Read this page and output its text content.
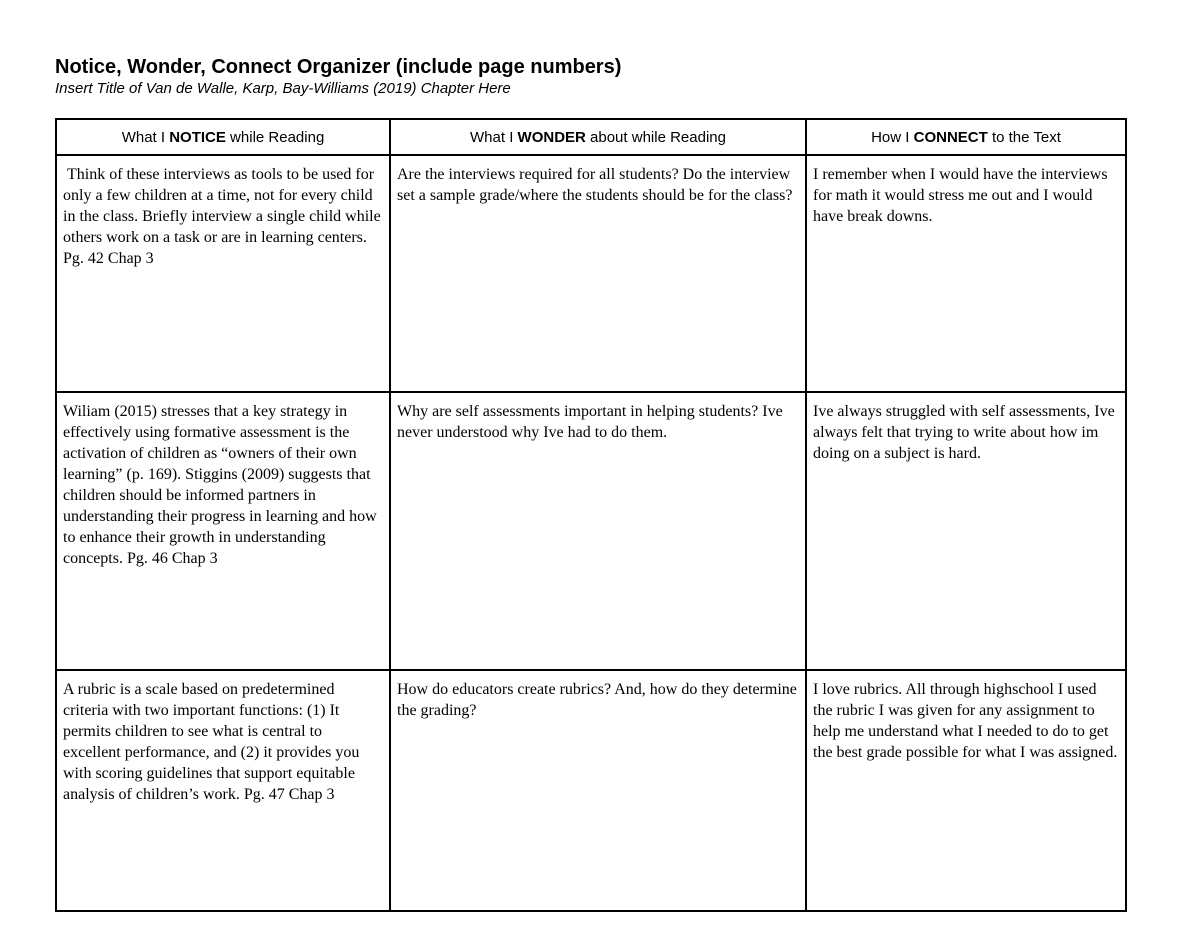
Notice, Wonder, Connect Organizer (include page numbers)

Insert Title of Van de Walle, Karp, Bay-Williams (2019) Chapter Here

What I NOTICE while Reading	What I WONDER about while Reading	How I CONNECT to the Text
Think of these interviews as tools to be used for only a few children at a time, not for every child in the class. Briefly interview a single child while others work on a task or are in learning centers. Pg. 42 Chap 3	Are the interviews required for all students? Do the interview set a sample grade/where the students should be for the class?	I remember when I would have the interviews for math it would stress me out and I would have break downs.
Wiliam (2015) stresses that a key strategy in effectively using formative assessment is the activation of children as “owners of their own learning” (p. 169). Stiggins (2009) suggests that children should be informed partners in understanding their progress in learning and how to enhance their growth in understanding concepts. Pg. 46 Chap 3	Why are self assessments important in helping students? Ive never understood why Ive had to do them.	Ive always struggled with self assessments, Ive always felt that trying to write about how im doing on a subject is hard.
A rubric is a scale based on predetermined criteria with two important functions: (1) It permits children to see what is central to excellent performance, and (2) it provides you with scoring guidelines that support equitable analysis of children’s work. Pg. 47 Chap 3	How do educators create rubrics? And, how do they determine the grading?	I love rubrics. All through highschool I used the rubric I was given for any assignment to help me understand what I needed to do to get the best grade possible for what I was assigned.
